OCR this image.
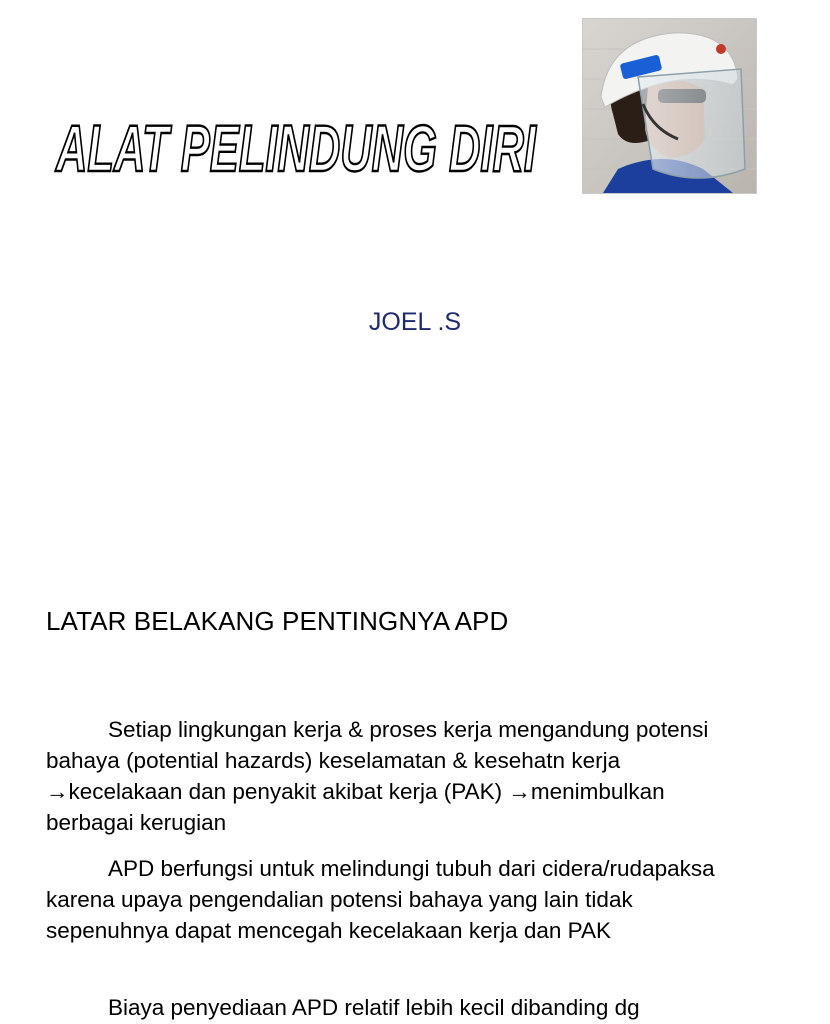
ALAT PELINDUNG DIRI
JOEL .S
LATAR BELAKANG PENTINGNYA APD

Setiap lingkungan kerja & proses kerja mengandung potensi bahaya (potential hazards) keselamatan & kesehatn kerja →kecelakaan dan penyakit akibat kerja (PAK) →menimbulkan berbagai kerugian

APD berfungsi untuk melindungi tubuh dari cidera/rudapaksa karena upaya pengendalian potensi bahaya yang lain tidak sepenuhnya dapat mencegah kecelakaan kerja dan PAK

Biaya penyediaan APD relatif lebih kecil dibanding dg
